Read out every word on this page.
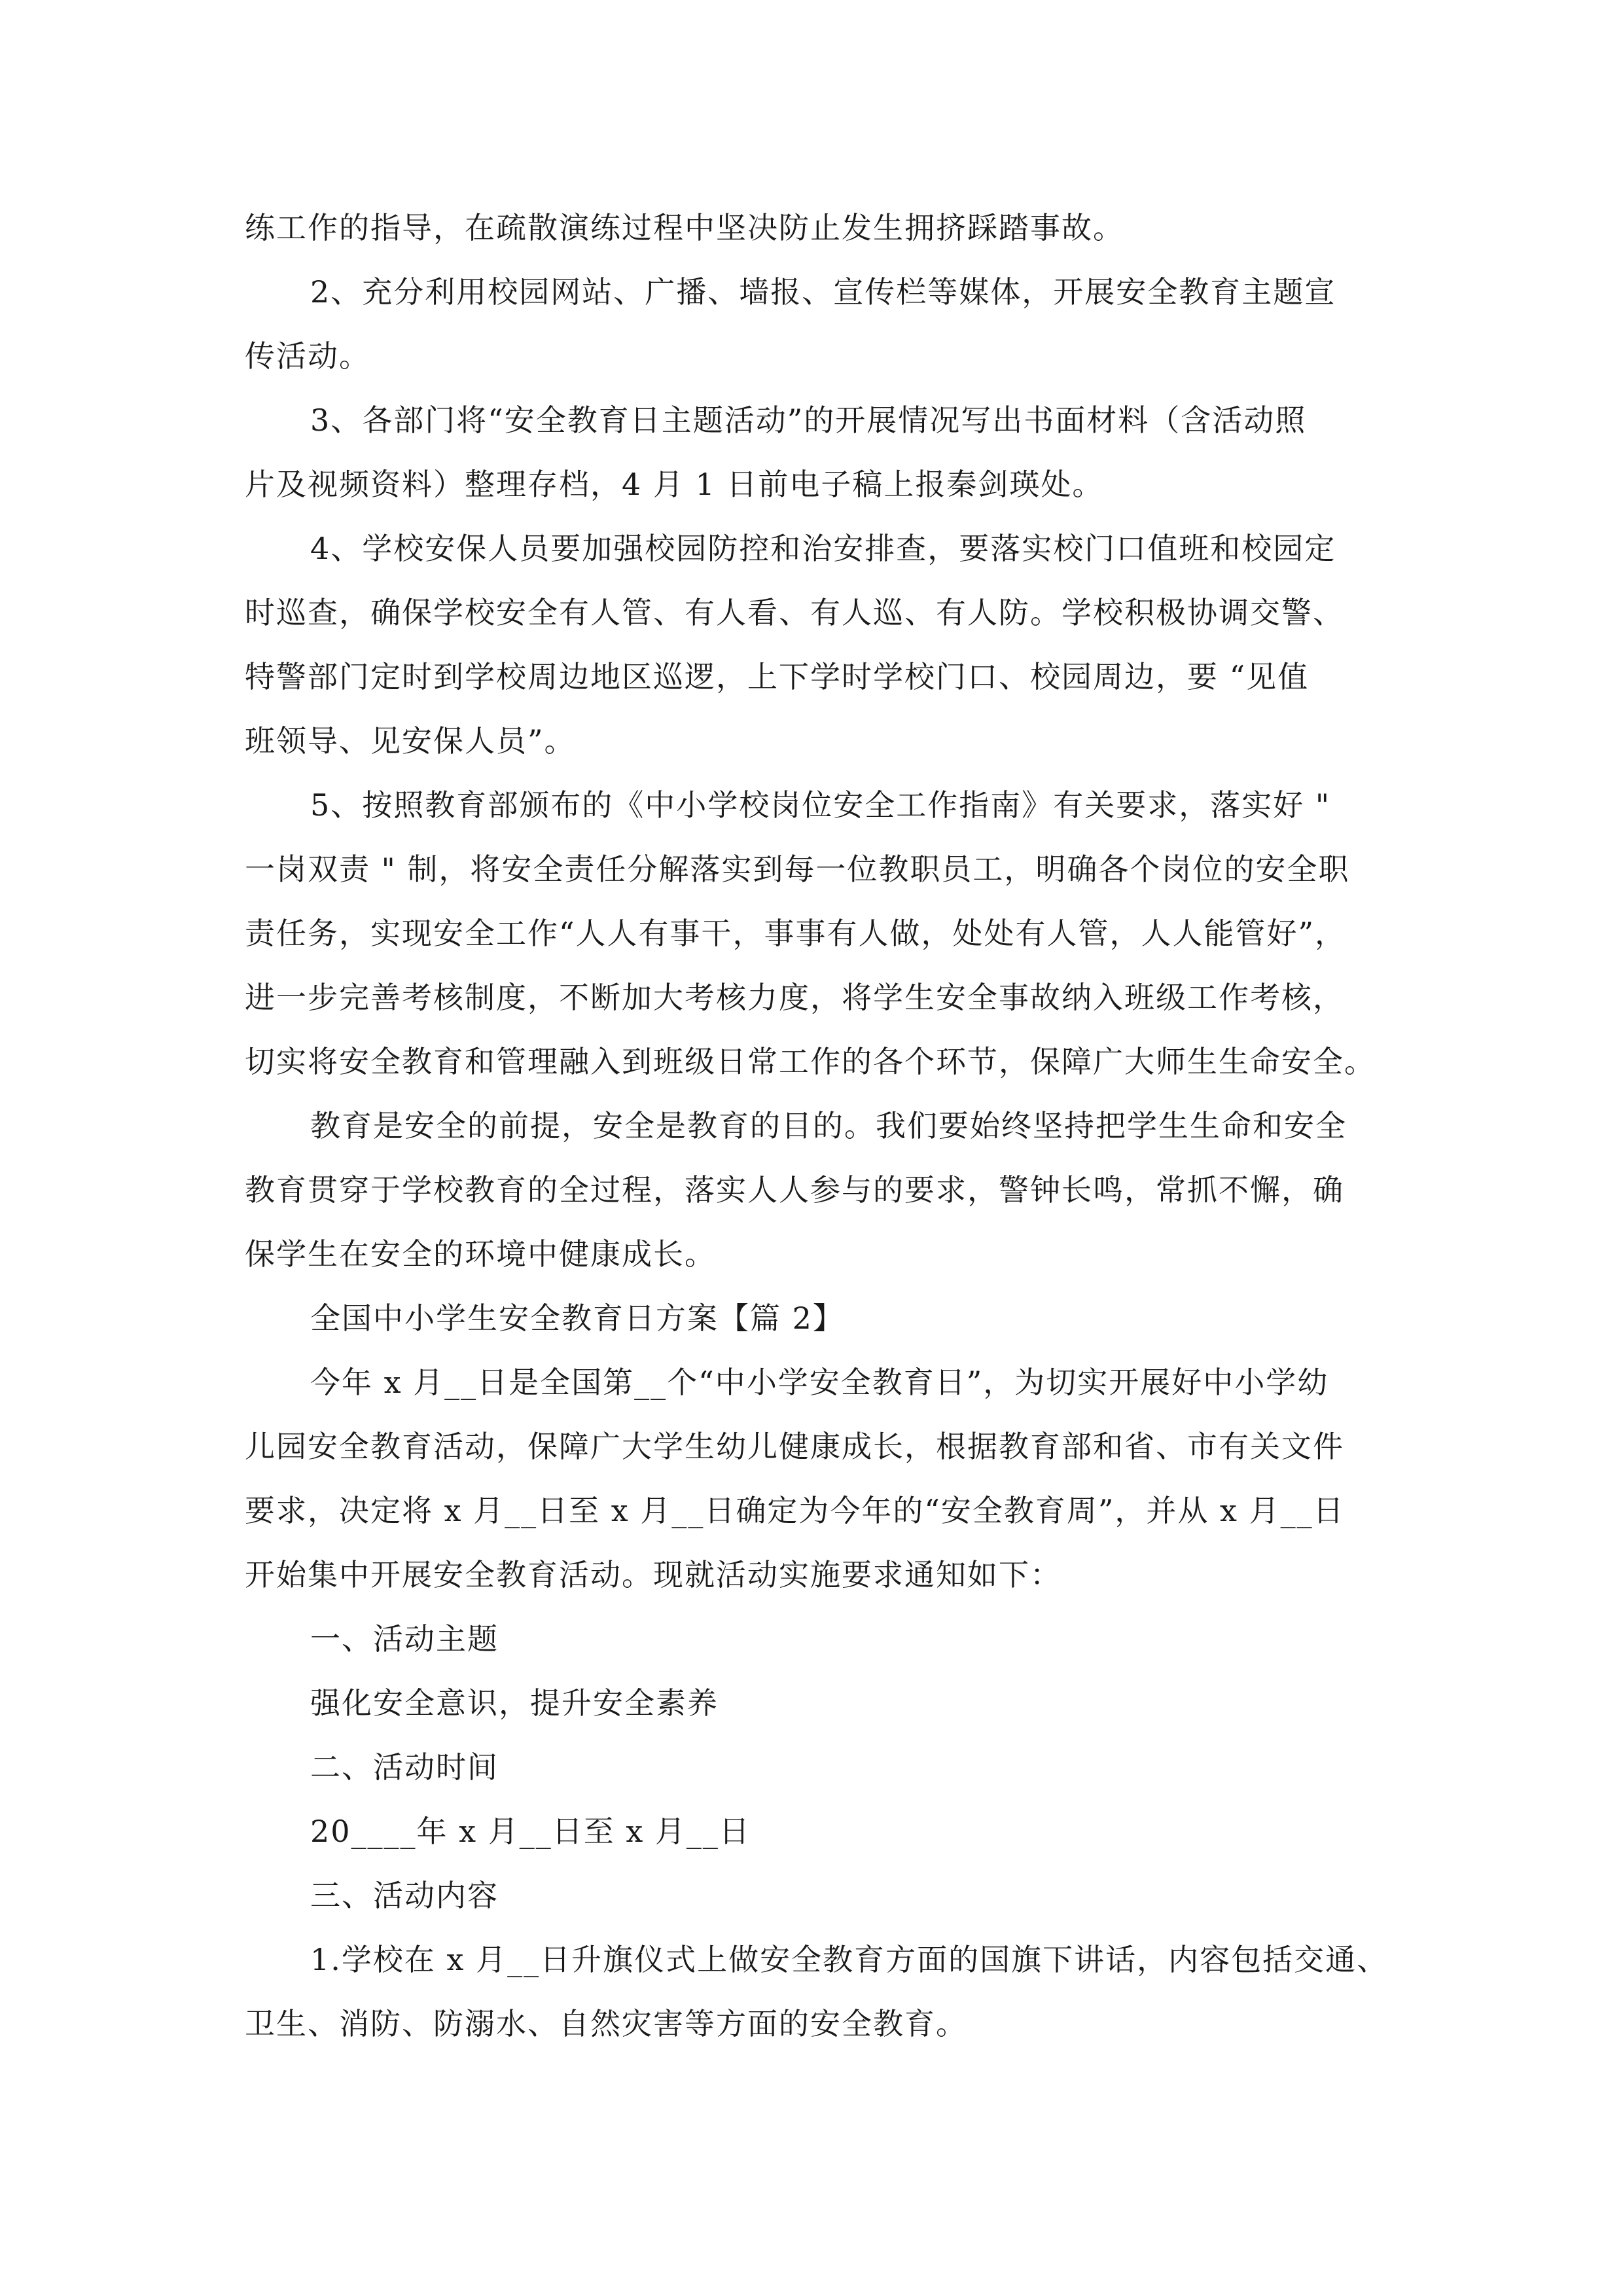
练工作的指导，在疏散演练过程中坚决防止发生拥挤踩踏事故。
2、充分利用校园网站、广播、墙报、宣传栏等媒体，开展安全教育主题宣
传活动。
3、各部门将“安全教育日主题活动”的开展情况写出书面材料（含活动照
片及视频资料）整理存档，4 月 1 日前电子稿上报秦剑瑛处。
4、学校安保人员要加强校园防控和治安排查，要落实校门口值班和校园定
时巡查，确保学校安全有人管、有人看、有人巡、有人防。学校积极协调交警、
特警部门定时到学校周边地区巡逻，上下学时学校门口、校园周边，要 “见值
班领导、见安保人员”。
5、按照教育部颁布的《中小学校岗位安全工作指南》有关要求，落实好 "
一岗双责 " 制，将安全责任分解落实到每一位教职员工，明确各个岗位的安全职
责任务，实现安全工作“人人有事干，事事有人做，处处有人管，人人能管好”，
进一步完善考核制度，不断加大考核力度，将学生安全事故纳入班级工作考核，
切实将安全教育和管理融入到班级日常工作的各个环节，保障广大师生生命安全。
教育是安全的前提，安全是教育的目的。我们要始终坚持把学生生命和安全
教育贯穿于学校教育的全过程，落实人人参与的要求，警钟长鸣，常抓不懈，确
保学生在安全的环境中健康成长。
全国中小学生安全教育日方案【篇 2】
今年 x 月__日是全国第__个“中小学安全教育日”，为切实开展好中小学幼
儿园安全教育活动，保障广大学生幼儿健康成长，根据教育部和省、市有关文件
要求，决定将 x 月__日至 x 月__日确定为今年的“安全教育周”，并从 x 月__日
开始集中开展安全教育活动。现就活动实施要求通知如下：
一、活动主题
强化安全意识，提升安全素养
二、活动时间
20____年 x 月__日至 x 月__日
三、活动内容
1.学校在 x 月__日升旗仪式上做安全教育方面的国旗下讲话，内容包括交通、
卫生、消防、防溺水、自然灾害等方面的安全教育。
